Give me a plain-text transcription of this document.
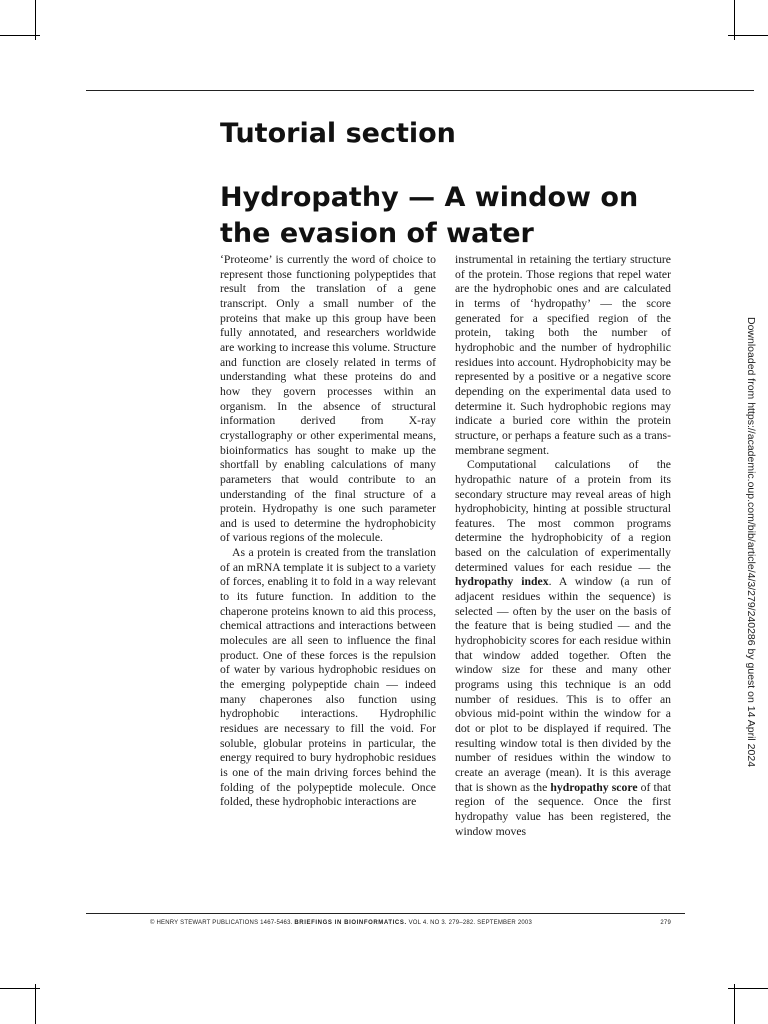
Tutorial section
Hydropathy — A window on the evasion of water

‘Proteome’ is currently the word of choice to represent those functioning polypeptides that result from the translation of a gene transcript. Only a small number of the proteins that make up this group have been fully annotated, and researchers worldwide are working to increase this volume. Structure and function are closely related in terms of understanding what these proteins do and how they govern processes within an organism. In the absence of structural information derived from X-ray crystallography or other experimental means, bioinformatics has sought to make up the shortfall by enabling calculations of many parameters that would contribute to an understanding of the final structure of a protein. Hydropathy is one such parameter and is used to determine the hydrophobicity of various regions of the molecule.

As a protein is created from the translation of an mRNA template it is subject to a variety of forces, enabling it to fold in a way relevant to its future function. In addition to the chaperone proteins known to aid this process, chemical attractions and interactions between molecules are all seen to influence the final product. One of these forces is the repulsion of water by various hydrophobic residues on the emerging polypeptide chain — indeed many chaperones also function using hydrophobic interactions. Hydrophilic residues are necessary to fill the void. For soluble, globular proteins in particular, the energy required to bury hydrophobic residues is one of the main driving forces behind the folding of the polypeptide molecule. Once folded, these hydrophobic interactions are

instrumental in retaining the tertiary structure of the protein. Those regions that repel water are the hydrophobic ones and are calculated in terms of ‘hydropathy’ — the score generated for a specified region of the protein, taking both the number of hydrophobic and the number of hydrophilic residues into account. Hydrophobicity may be represented by a positive or a negative score depending on the experimental data used to determine it. Such hydrophobic regions may indicate a buried core within the protein structure, or perhaps a feature such as a trans-membrane segment.

Computational calculations of the hydropathic nature of a protein from its secondary structure may reveal areas of high hydrophobicity, hinting at possible structural features. The most common programs determine the hydrophobicity of a region based on the calculation of experimentally determined values for each residue — the hydropathy index. A window (a run of adjacent residues within the sequence) is selected — often by the user on the basis of the feature that is being studied — and the hydrophobicity scores for each residue within that window added together. Often the window size for these and many other programs using this technique is an odd number of residues. This is to offer an obvious mid-point within the window for a dot or plot to be displayed if required. The resulting window total is then divided by the number of residues within the window to create an average (mean). It is this average that is shown as the hydropathy score of that region of the sequence. Once the first hydropathy value has been registered, the window moves

© HENRY STEWART PUBLICATIONS 1467-5463. BRIEFINGS IN BIOINFORMATICS. VOL 4. NO 3. 279–282. SEPTEMBER 2003	279
Downloaded from https://academic.oup.com/bib/article/4/3/279/240286 by guest on 14 April 2024
